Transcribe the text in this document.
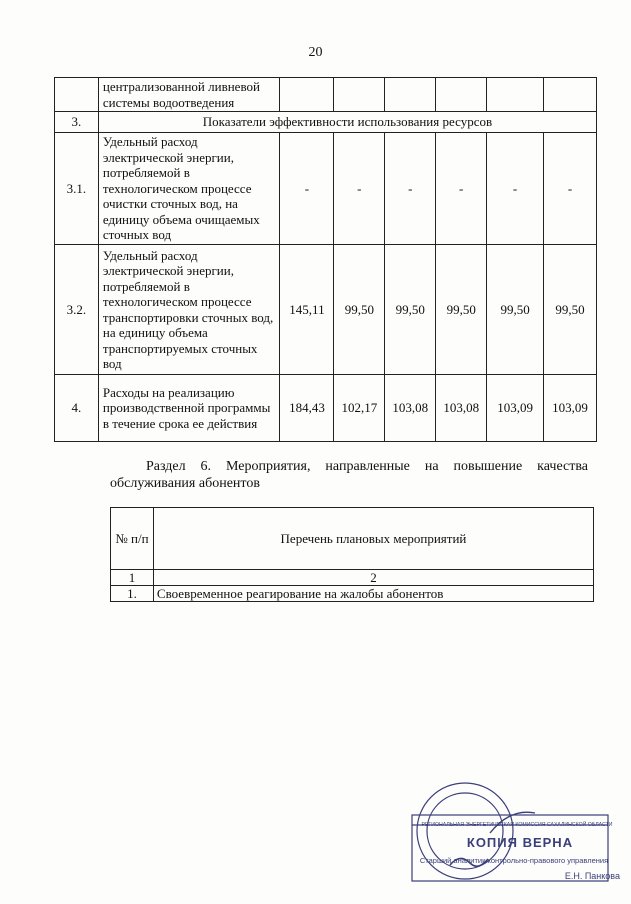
20
	централизованной ливневой системы водоотведения						
3.	Показатели эффективности использования ресурсов						
3.1.	Удельный расход электрической энергии, потребляемой в технологическом процессе очистки сточных вод, на единицу объема очищаемых сточных вод	-	-	-	-	-	-
3.2.	Удельный расход электрической энергии, потребляемой в технологическом процессе транспортировки сточных вод, на единицу объема транспортируемых сточных вод	145,11	99,50	99,50	99,50	99,50	99,50
4.	Расходы на реализацию производственной программы в течение срока ее действия	184,43	102,17	103,08	103,08	103,09	103,09
Раздел 6. Мероприятия, направленные на повышение качества обслуживания абонентов
№ п/п	Перечень плановых мероприятий
1	2
1.	Своевременное реагирование на жалобы абонентов
РЕГИОНАЛЬНАЯ ЭНЕРГЕТИЧЕСКАЯ КОМИССИЯ САХАЛИНСКОЙ ОБЛАСТИ
КОПИЯ ВЕРНА
Старший аналитик контрольно-правового управления
Е.Н. Панкова
